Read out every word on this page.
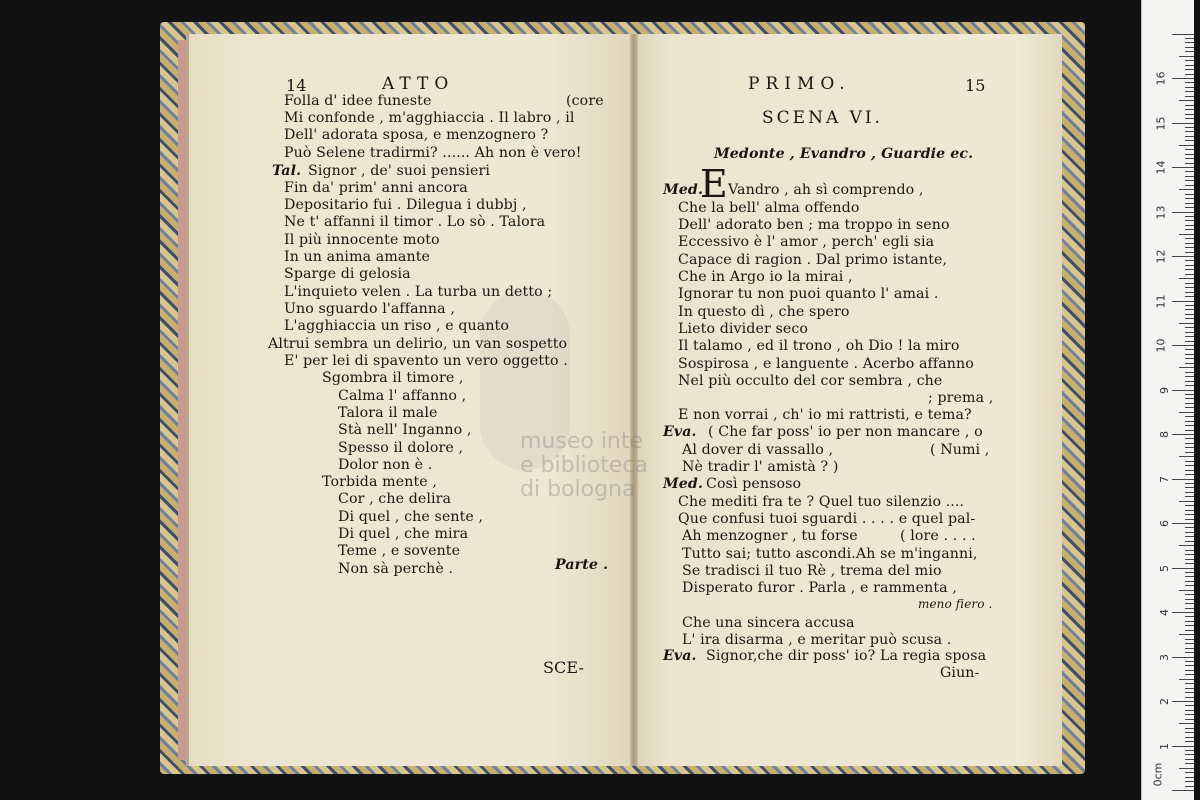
museo inte
e biblioteca
di bologna
14	ATTO
(core
Tal.
Folla d' idee funeste
Mi confonde , m'agghiaccia . Il labro , il
Dell' adorata sposa, e menzognero ?
Può Selene tradirmi? ...... Ah non è vero!
Signor , de' suoi pensieri
Fin da' prim' anni ancora
Depositario fui . Dilegua i dubbj ,
Ne t' affanni il timor . Lo sò . Talora
Il più innocente moto
In un anima amante
Sparge di gelosia
L'inquieto velen . La turba un detto ;
Uno sguardo l'affanna ,
L'agghiaccia un riso , e quanto
Altrui sembra un delirio, un van sospetto
E' per lei di spavento un vero oggetto .
Sgombra il timore ,
Calma l' affanno ,
Talora il male
Stà nell' Inganno ,
Spesso il dolore ,
Dolor non è .
Torbida mente ,
Cor , che delira
Di quel , che sente ,
Di quel , che mira
Teme , e sovente
Non sà perchè .	Parte .
SCE-
PRIMO.	15
SCENA VI.
Medonte , Evandro , Guardie ec.
Med.
E Vandro , ah sì comprendo ,
Eva.
Med.
Eva.
Che la bell' alma offendo
Dell' adorato ben ; ma troppo in seno
Eccessivo è l' amor , perch' egli sia
Capace di ragion . Dal primo istante,
Che in Argo io la mirai ,
Ignorar tu non puoi quanto l' amai .
In questo dì , che spero
Lieto divider seco
Il talamo , ed il trono , oh Dio ! la miro
Sospirosa , e languente . Acerbo affanno
Nel più occulto del cor sembra , che
; prema ,
E non vorrai , ch' io mi rattristi, e tema?
( Che far poss' io per non mancare , o
Al dover di vassallo ,	( Numi ,
Nè tradir l' amistà ? )
Così pensoso
Che mediti fra te ? Quel tuo silenzio ....
Que confusi tuoi sguardi . . . . e quel pal-
Ah menzogner , tu forse	( lore . . . .
Tutto sai; tutto ascondi.Ah se m'inganni,
Se tradisci il tuo Rè , trema del mio
Disperato furor . Parla , e rammenta ,
meno fiero .
Che una sincera accusa
L' ira disarma , e meritar può scusa .
Signor,che dir poss' io? La regia sposa
Giun-
0cm
1
2
3
4
5
6
7
8
9
10
11
12
13
14
15
16
